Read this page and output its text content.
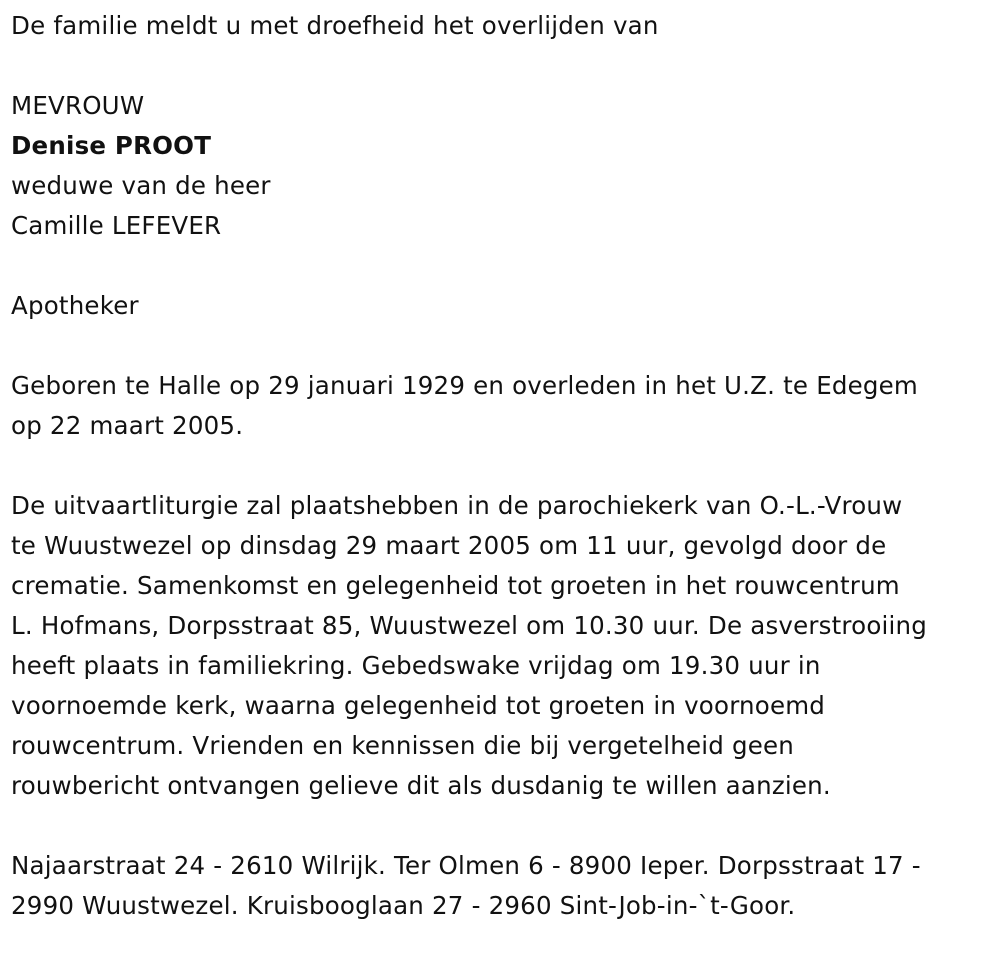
De familie meldt u met droefheid het overlijden van
MEVROUW
Denise PROOT
weduwe van de heer
Camille LEFEVER
Apotheker
Geboren te Halle op 29 januari 1929 en overleden in het U.Z. te Edegem
op 22 maart 2005.
De uitvaartliturgie zal plaatshebben in de parochiekerk van O.-L.-Vrouw
te Wuustwezel op dinsdag 29 maart 2005 om 11 uur, gevolgd door de
crematie. Samenkomst en gelegenheid tot groeten in het rouwcentrum
L. Hofmans, Dorpsstraat 85, Wuustwezel om 10.30 uur. De asverstrooiing
heeft plaats in familiekring. Gebedswake vrijdag om 19.30 uur in
voornoemde kerk, waarna gelegenheid tot groeten in voornoemd
rouwcentrum. Vrienden en kennissen die bij vergetelheid geen
rouwbericht ontvangen gelieve dit als dusdanig te willen aanzien.
Najaarstraat 24 - 2610 Wilrijk. Ter Olmen 6 - 8900 Ieper. Dorpsstraat 17 -
2990 Wuustwezel. Kruisbooglaan 27 - 2960 Sint-Job-in-`t-Goor.
